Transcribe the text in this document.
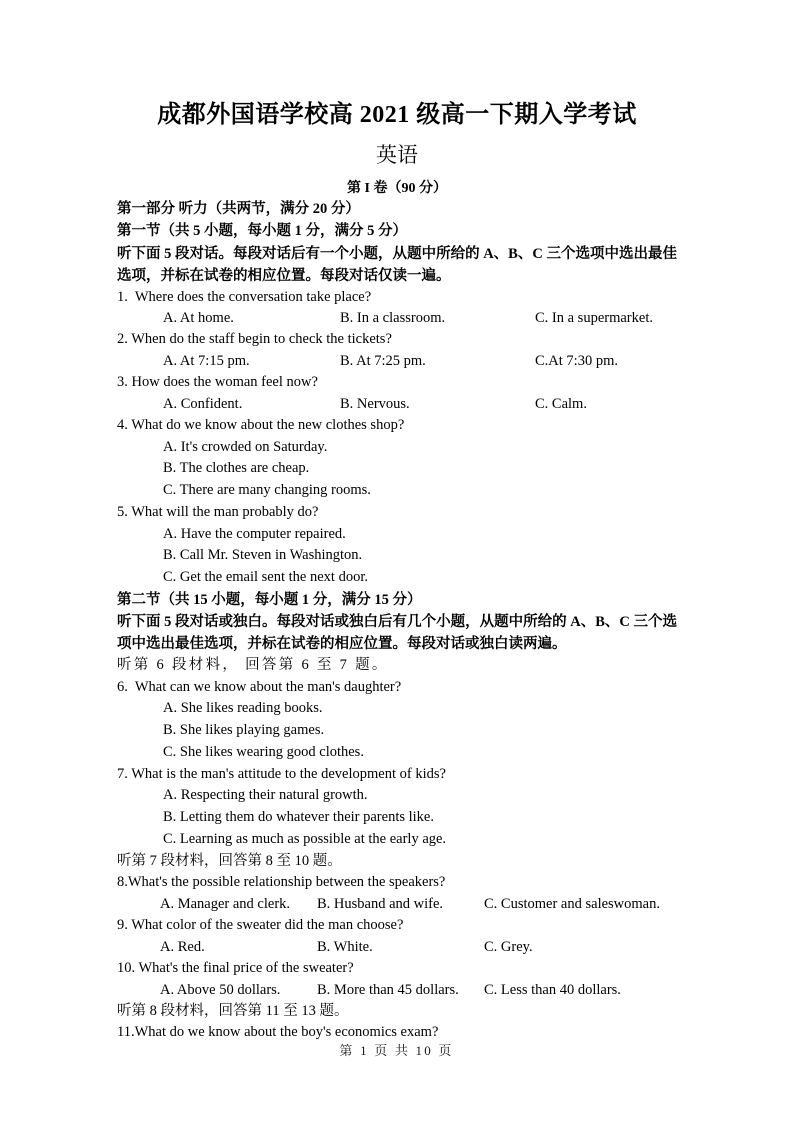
成都外国语学校高 2021 级高一下期入学考试
英语

第 I 卷（90 分）

第一部分 听力（共两节，满分 20 分）

第一节（共 5 小题，每小题 1 分，满分 5 分）

听下面 5 段对话。每段对话后有一个小题，从题中所给的 A、B、C 三个选项中选出最佳选项，并标在试卷的相应位置。每段对话仅读一遍。

1.  Where does the conversation take place?

A. At home.	B. In a classroom.	C. In a supermarket.

2. When do the staff begin to check the tickets?

A. At 7:15 pm.	B. At 7:25 pm.	C.At 7:30 pm.

3. How does the woman feel now?

A. Confident.	B. Nervous.	C. Calm.

4. What do we know about the new clothes shop?

A. It's crowded on Saturday.

B. The clothes are cheap.

C. There are many changing rooms.

5. What will the man probably do?

A. Have the computer repaired.

B. Call Mr. Steven in Washington.

C. Get the email sent the next door.

第二节（共 15 小题，每小题 1 分，满分 15 分）

听下面 5 段对话或独白。每段对话或独白后有几个小题，从题中所给的 A、B、C 三个选项中选出最佳选项，并标在试卷的相应位置。每段对话或独白读两遍。

听第 6 段材料， 回答第 6 至 7 题。

6.  What can we know about the man's daughter?

A. She likes reading books.

B. She likes playing games.

C. She likes wearing good clothes.

7. What is the man's attitude to the development of kids?

A. Respecting their natural growth.

B. Letting them do whatever their parents like.

C. Learning as much as possible at the early age.

听第 7 段材料，回答第 8 至 10 题。

8.What's the possible relationship between the speakers?

A. Manager and clerk. B. Husband and wife.	C. Customer and saleswoman.

9. What color of the sweater did the man choose?

A. Red.	B. White.	C. Grey.

10. What's the final price of the sweater?

A. Above 50 dollars.	B. More than 45 dollars. C. Less than 40 dollars.

听第 8 段材料，回答第 11 至 13 题。

11.What do we know about the boy's economics exam?

第 1 页 共 10 页
